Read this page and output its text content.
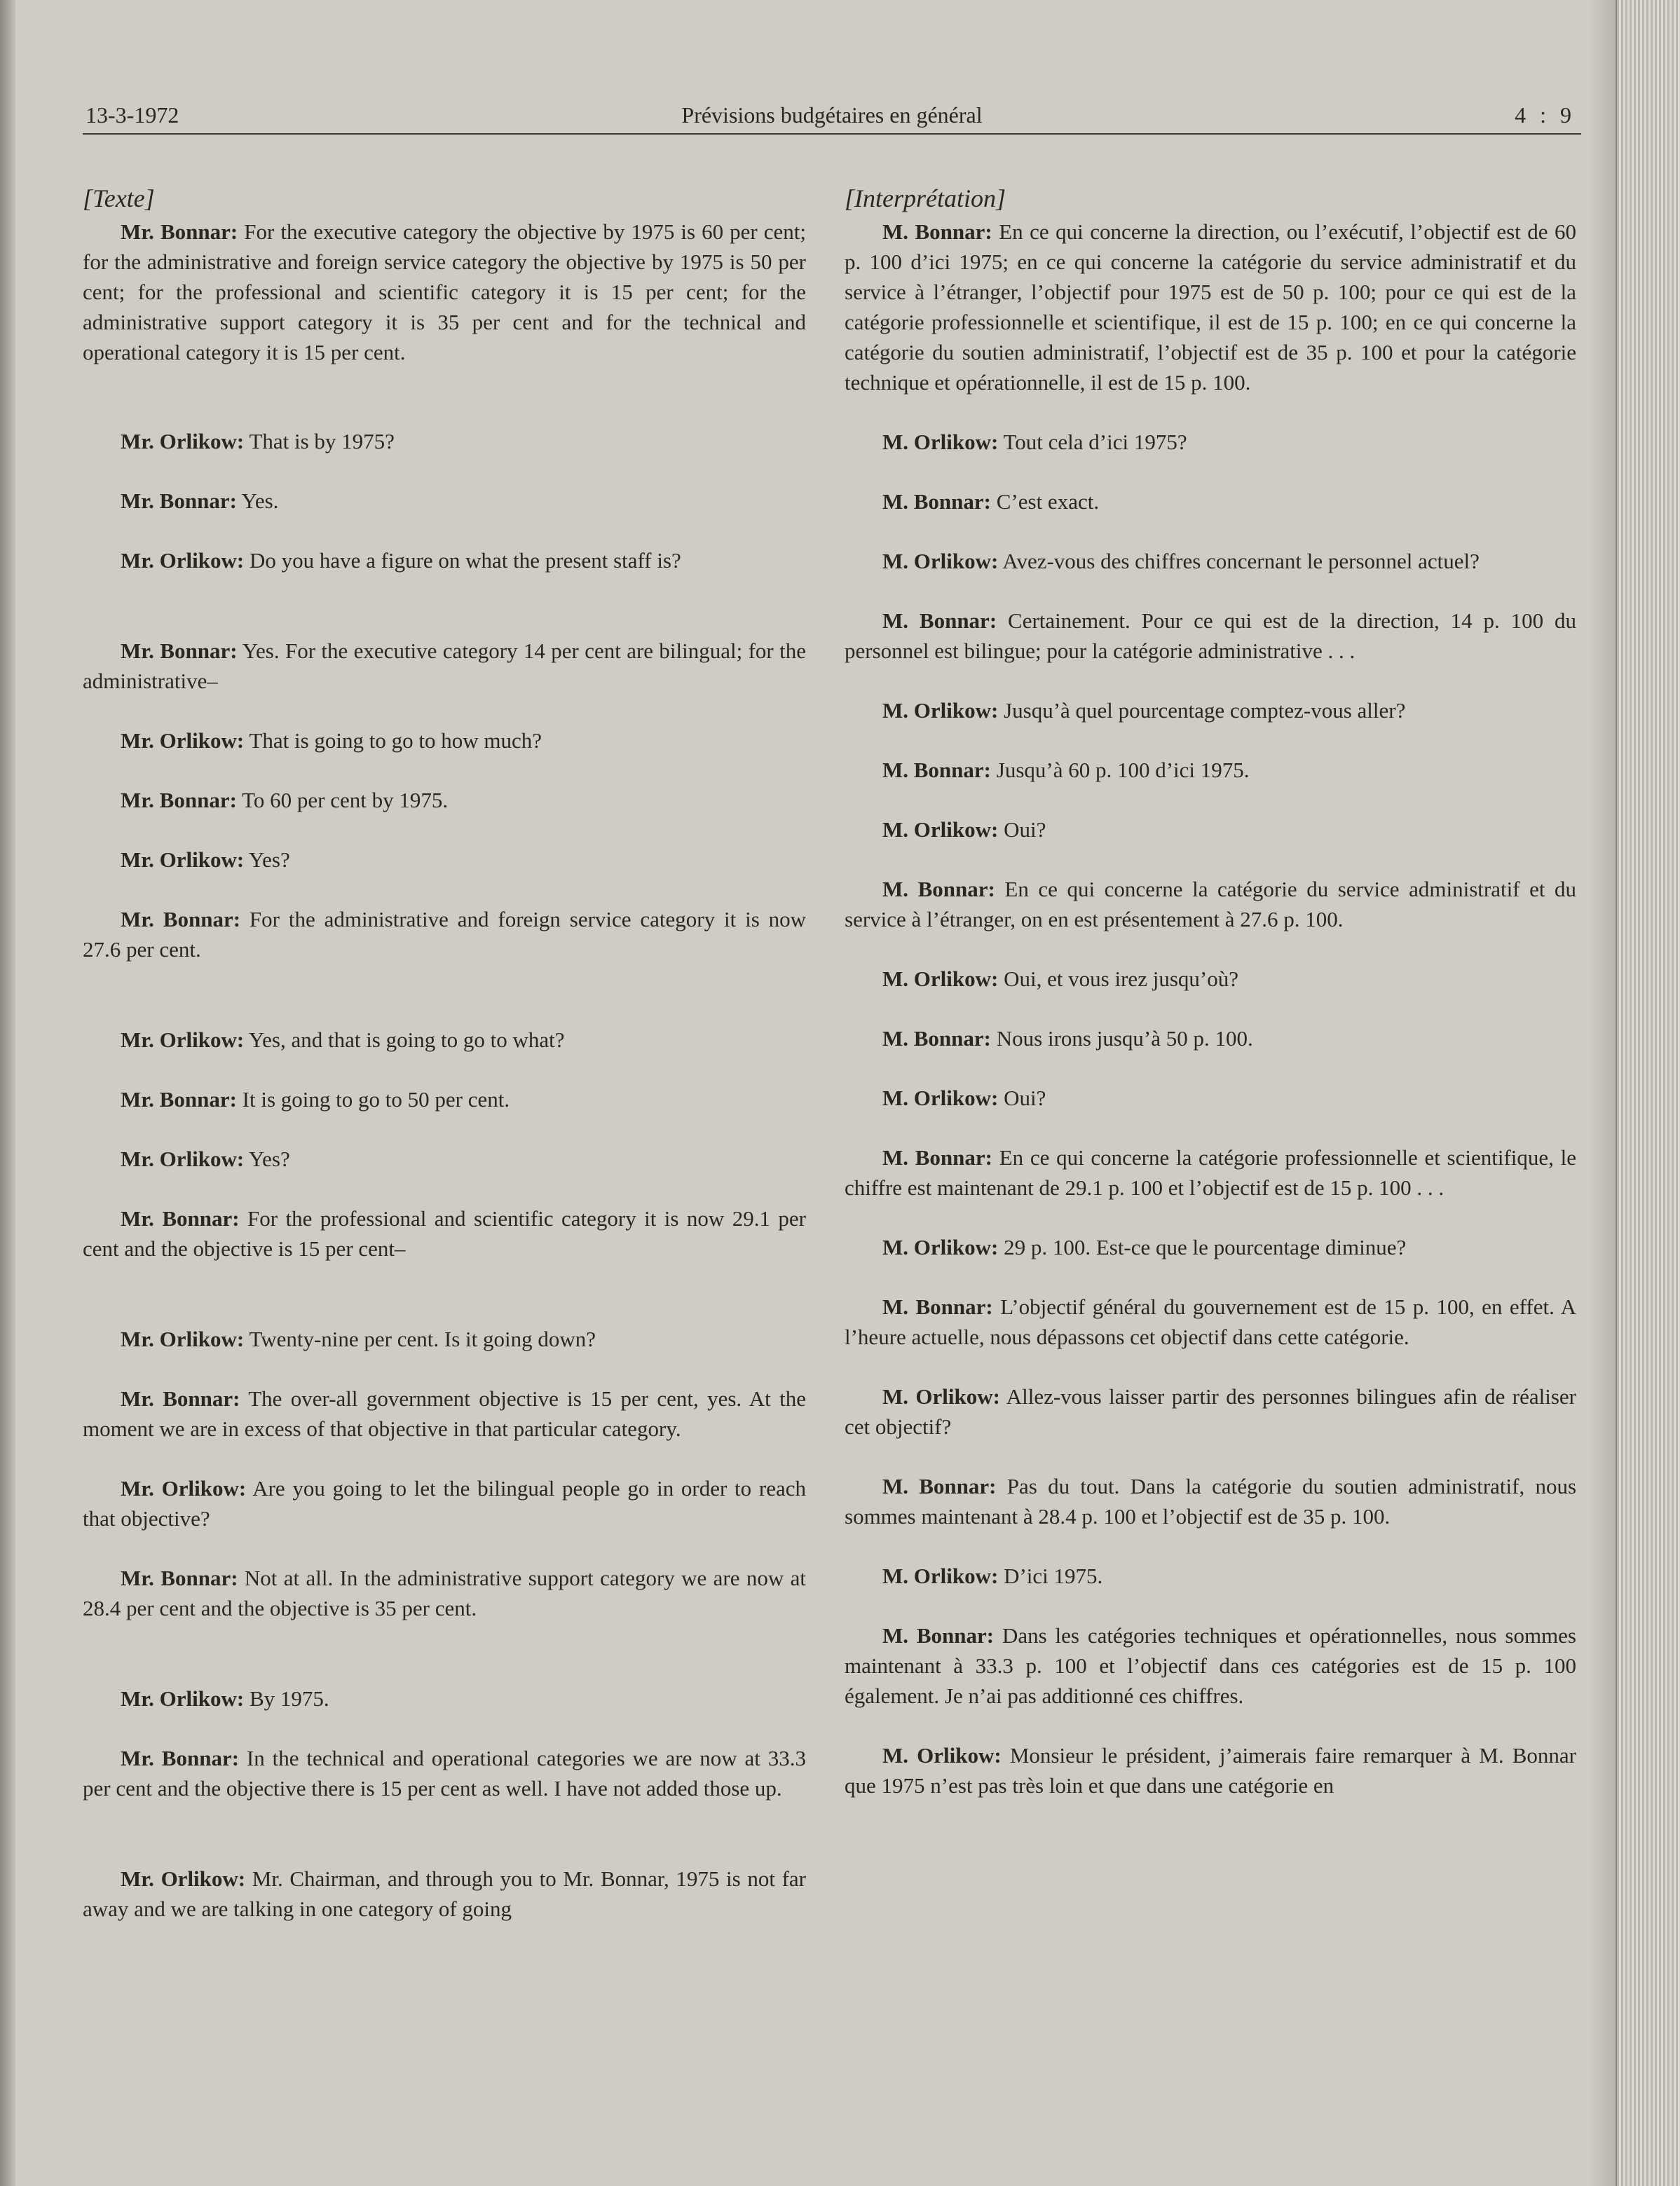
13-3-1972	Prévisions budgétaires en général	4 : 9
[Texte]

Mr. Bonnar: For the executive category the objective by 1975 is 60 per cent; for the administrative and foreign service category the objective by 1975 is 50 per cent; for the professional and scientific category it is 15 per cent; for the administrative support category it is 35 per cent and for the technical and operational category it is 15 per cent.

Mr. Orlikow: That is by 1975?

Mr. Bonnar: Yes.

Mr. Orlikow: Do you have a figure on what the present staff is?

Mr. Bonnar: Yes. For the executive category 14 per cent are bilingual; for the administrative–

Mr. Orlikow: That is going to go to how much?

Mr. Bonnar: To 60 per cent by 1975.

Mr. Orlikow: Yes?

Mr. Bonnar: For the administrative and foreign service category it is now 27.6 per cent.

Mr. Orlikow: Yes, and that is going to go to what?

Mr. Bonnar: It is going to go to 50 per cent.

Mr. Orlikow: Yes?

Mr. Bonnar: For the professional and scientific category it is now 29.1 per cent and the objective is 15 per cent–

Mr. Orlikow: Twenty-nine per cent. Is it going down?

Mr. Bonnar: The over-all government objective is 15 per cent, yes. At the moment we are in excess of that objective in that particular category.

Mr. Orlikow: Are you going to let the bilingual people go in order to reach that objective?

Mr. Bonnar: Not at all. In the administrative support category we are now at 28.4 per cent and the objective is 35 per cent.

Mr. Orlikow: By 1975.

Mr. Bonnar: In the technical and operational categories we are now at 33.3 per cent and the objective there is 15 per cent as well. I have not added those up.

Mr. Orlikow: Mr. Chairman, and through you to Mr. Bonnar, 1975 is not far away and we are talking in one category of going

[Interprétation]

M. Bonnar: En ce qui concerne la direction, ou l’exécutif, l’objectif est de 60 p. 100 d’ici 1975; en ce qui concerne la catégorie du service administratif et du service à l’étranger, l’objectif pour 1975 est de 50 p. 100; pour ce qui est de la catégorie professionnelle et scientifique, il est de 15 p. 100; en ce qui concerne la catégorie du soutien administratif, l’objectif est de 35 p. 100 et pour la catégorie technique et opérationnelle, il est de 15 p. 100.

M. Orlikow: Tout cela d’ici 1975?

M. Bonnar: C’est exact.

M. Orlikow: Avez-vous des chiffres concernant le personnel actuel?

M. Bonnar: Certainement. Pour ce qui est de la direction, 14 p. 100 du personnel est bilingue; pour la catégorie administrative . . .

M. Orlikow: Jusqu’à quel pourcentage comptez-vous aller?

M. Bonnar: Jusqu’à 60 p. 100 d’ici 1975.

M. Orlikow: Oui?

M. Bonnar: En ce qui concerne la catégorie du service administratif et du service à l’étranger, on en est présentement à 27.6 p. 100.

M. Orlikow: Oui, et vous irez jusqu’où?

M. Bonnar: Nous irons jusqu’à 50 p. 100.

M. Orlikow: Oui?

M. Bonnar: En ce qui concerne la catégorie professionnelle et scientifique, le chiffre est maintenant de 29.1 p. 100 et l’objectif est de 15 p. 100 . . .

M. Orlikow: 29 p. 100. Est-ce que le pourcentage diminue?

M. Bonnar: L’objectif général du gouvernement est de 15 p. 100, en effet. A l’heure actuelle, nous dépassons cet objectif dans cette catégorie.

M. Orlikow: Allez-vous laisser partir des personnes bilingues afin de réaliser cet objectif?

M. Bonnar: Pas du tout. Dans la catégorie du soutien administratif, nous sommes maintenant à 28.4 p. 100 et l’objectif est de 35 p. 100.

M. Orlikow: D’ici 1975.

M. Bonnar: Dans les catégories techniques et opérationnelles, nous sommes maintenant à 33.3 p. 100 et l’objectif dans ces catégories est de 15 p. 100 également. Je n’ai pas additionné ces chiffres.

M. Orlikow: Monsieur le président, j’aimerais faire remarquer à M. Bonnar que 1975 n’est pas très loin et que dans une catégorie en
